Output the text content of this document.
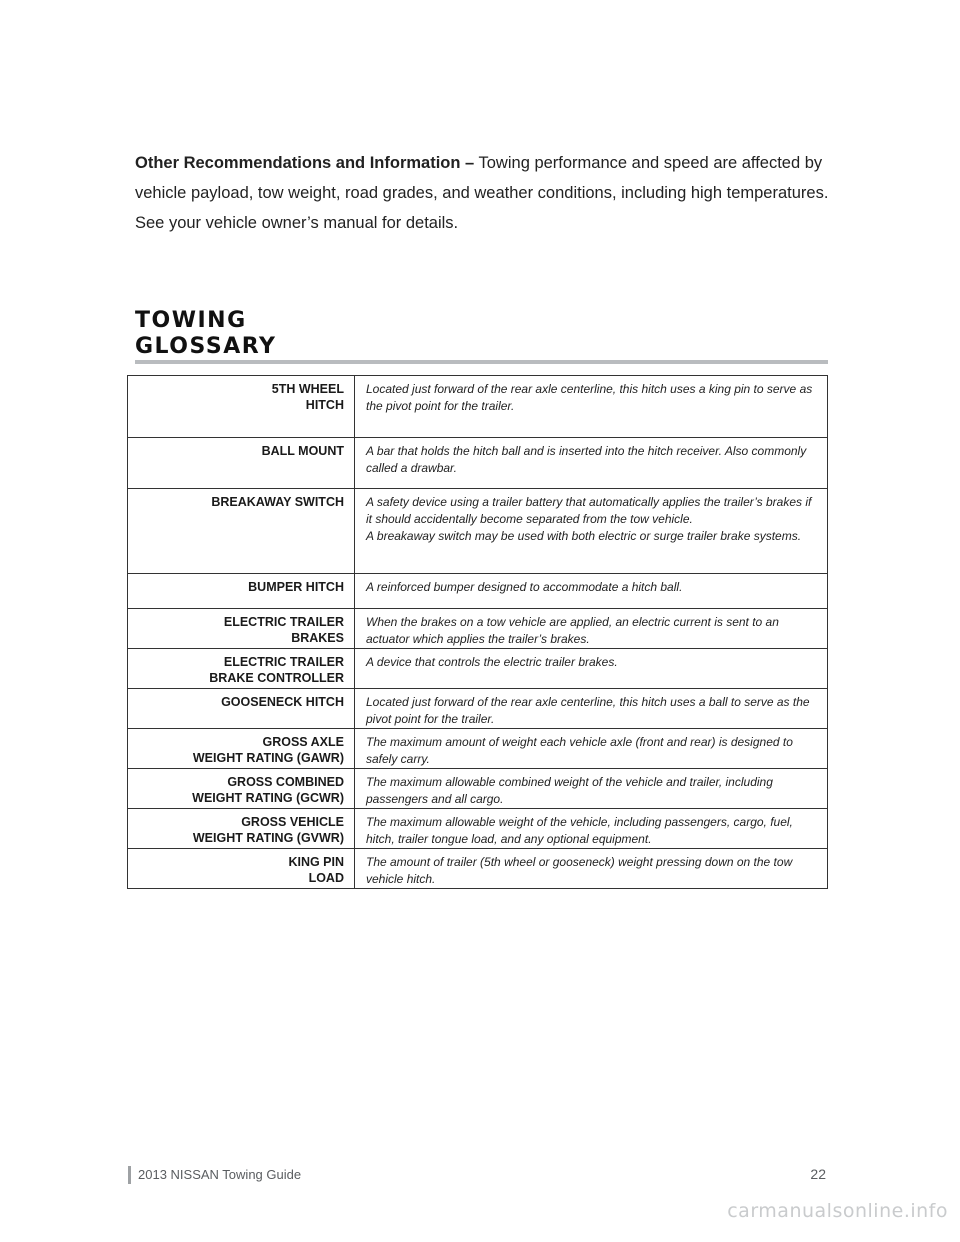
Other Recommendations and Information – Towing performance and speed are affected by vehicle payload, tow weight, road grades, and weather conditions, including high temperatures. See your vehicle owner’s manual for details.

TOWING
GLOSSARY
5TH WHEEL
HITCH	Located just forward of the rear axle centerline, this hitch uses a king pin to serve as the pivot point for the trailer.

BALL MOUNT	A bar that holds the hitch ball and is inserted into the hitch receiver. Also commonly called a drawbar.

BREAKAWAY SWITCH	A safety device using a trailer battery that automatically applies the trailer’s brakes if it should accidentally become separated from the tow vehicle.
A breakaway switch may be used with both electric or surge trailer brake systems.

BUMPER HITCH	A reinforced bumper designed to accommodate a hitch ball.

ELECTRIC TRAILER
BRAKES	When the brakes on a tow vehicle are applied, an electric current is sent to an actuator which applies the trailer’s brakes.

ELECTRIC TRAILER
BRAKE CONTROLLER	A device that controls the electric trailer brakes.

GOOSENECK HITCH	Located just forward of the rear axle centerline, this hitch uses a ball to serve as the pivot point for the trailer.

GROSS AXLE
WEIGHT RATING (GAWR)	The maximum amount of weight each vehicle axle (front and rear) is designed to safely carry.

GROSS COMBINED
WEIGHT RATING (GCWR)	The maximum allowable combined weight of the vehicle and trailer, including passengers and all cargo.

GROSS VEHICLE
WEIGHT RATING (GVWR)	The maximum allowable weight of the vehicle, including passengers, cargo, fuel, hitch, trailer tongue load, and any optional equipment.

KING PIN
LOAD	The amount of trailer (5th wheel or gooseneck) weight pressing down on the tow vehicle hitch.
2013 NISSAN Towing Guide	22
carmanualsonline.info
